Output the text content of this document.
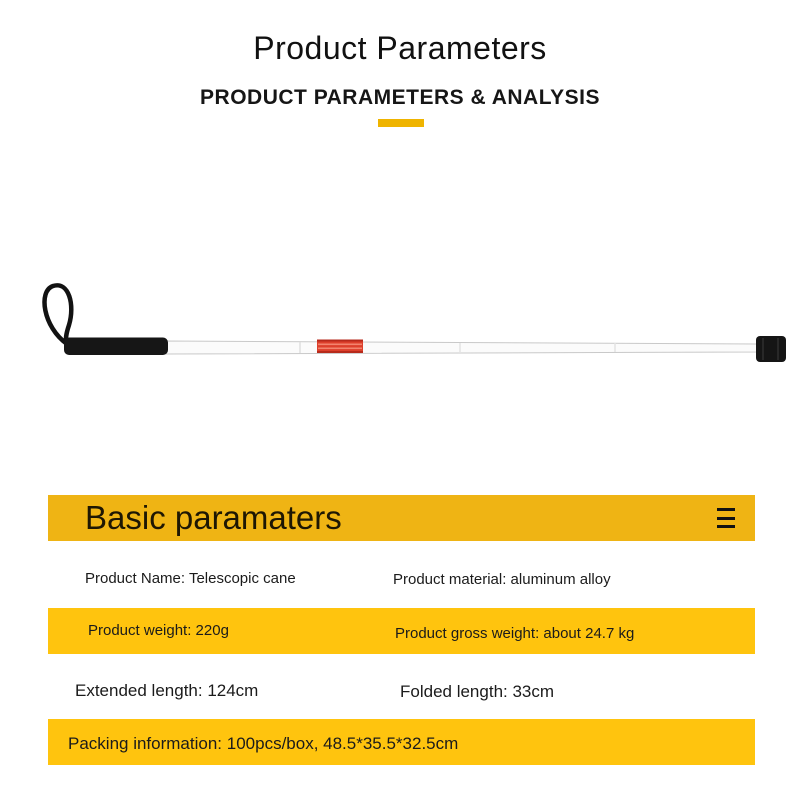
Product Parameters
PRODUCT PARAMETERS & ANALYSIS
Basic paramaters
Product Name: Telescopic cane	Product material: aluminum alloy
Product weight: 220g	Product gross weight: about 24.7 kg
Extended length: 124cm	Folded length: 33cm
Packing information: 100pcs/box, 48.5*35.5*32.5cm
